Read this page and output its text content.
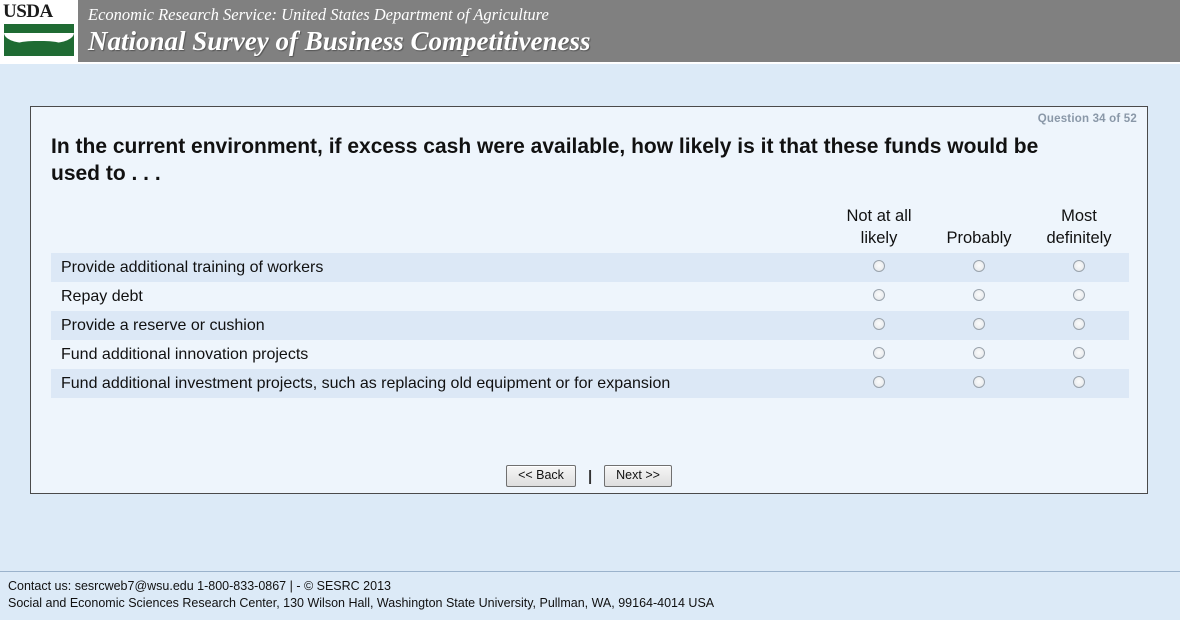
USDA Economic Research Service: United States Department of Agriculture
National Survey of Business Competitiveness
Question 34 of 52
In the current environment, if excess cash were available, how likely is it that these funds would be used to . . .
	Not at all likely	Probably	Most definitely
Provide additional training of workers			
Repay debt			
Provide a reserve or cushion			
Fund additional innovation projects			
Fund additional investment projects, such as replacing old equipment or for expansion			
<< Back	|	Next >>
Contact us: sesrcweb7@wsu.edu 1-800-833-0867 | - © SESRC 2013
Social and Economic Sciences Research Center, 130 Wilson Hall, Washington State University, Pullman, WA, 99164-4014 USA
